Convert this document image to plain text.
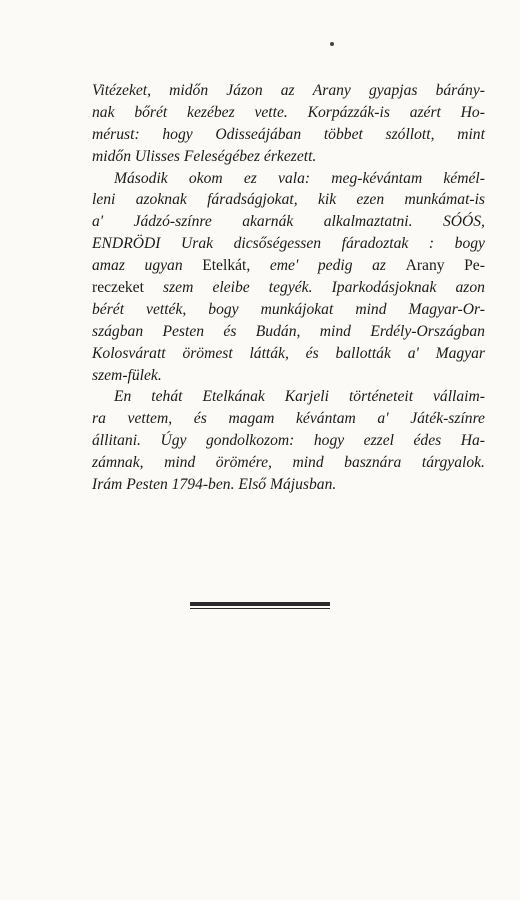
Vitézeket, midőn Jázon az Arany gyapjas bárány-
nak bőrét kezébez vette. Korpázzák-is azért Ho-
mérust: hogy Odisseájában többet szóllott, mint
midőn Ulisses Feleségébez érkezett.
Második okom ez vala: meg-kévántam kémél-
leni azoknak fáradságjokat, kik ezen munkámat-is
a' Jádzó-színre akarnák alkalmaztatni. SÓÓS,
ENDRÖDI Urak dicsőségessen fáradoztak : bogy
amaz ugyan Etelkát, eme' pedig az Arany Pe-
reczeket szem eleibe tegyék. Iparkodásjoknak azon
bérét vették, bogy munkájokat mind Magyar-Or-
szágban Pesten és Budán, mind Erdély-Országban
Kolosváratt örömest látták, és ballották a' Magyar
szem-fülek.
En tehát Etelkának Karjeli történeteit vállaim-
ra vettem, és magam kévántam a' Játék-színre
állitani. Úgy gondolkozom: hogy ezzel édes Ha-
zámnak, mind örömére, mind basznára tárgyalok.
Irám Pesten 1794-ben. Első Májusban.
